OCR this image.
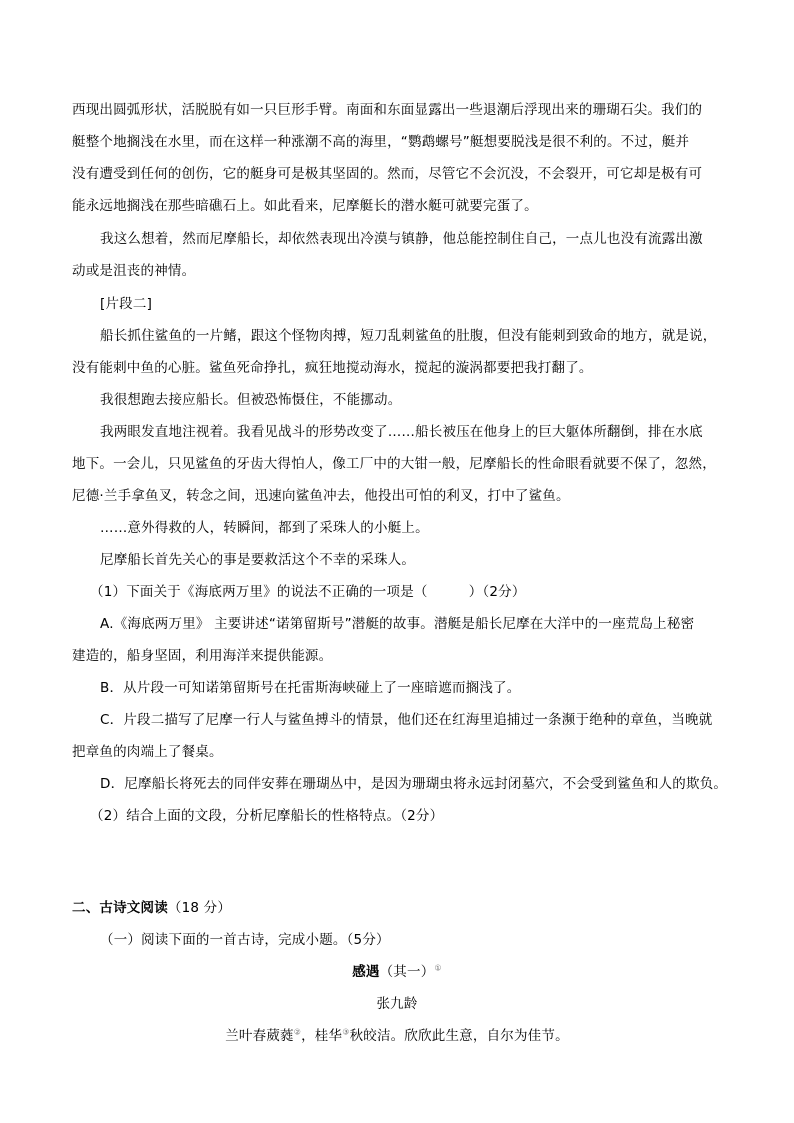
西现出圆弧形状，活脱脱有如一只巨形手臂。南面和东面显露出一些退潮后浮现出来的珊瑚石尖。我们的
艇整个地搁浅在水里，而在这样一种涨潮不高的海里，“鹦鹉螺号”艇想要脱浅是很不利的。不过，艇并
没有遭受到任何的创伤，它的艇身可是极其坚固的。然而，尽管它不会沉没，不会裂开，可它却是极有可
能永远地搁浅在那些暗礁石上。如此看来，尼摩艇长的潜水艇可就要完蛋了。
我这么想着，然而尼摩船长，却依然表现出冷漠与镇静，他总能控制住自己，一点儿也没有流露出激
动或是沮丧的神情。
[片段二]
船长抓住鲨鱼的一片鳍，跟这个怪物肉搏，短刀乱刺鲨鱼的肚腹，但没有能刺到致命的地方，就是说，
没有能刺中鱼的心脏。鲨鱼死命挣扎，疯狂地搅动海水，搅起的漩涡都要把我打翻了。
我很想跑去接应船长。但被恐怖慑住，不能挪动。
我两眼发直地注视着。我看见战斗的形势改变了……船长被压在他身上的巨大躯体所翻倒，排在水底
地下。一会儿，只见鲨鱼的牙齿大得怕人，像工厂中的大钳一般，尼摩船长的性命眼看就要不保了，忽然，
尼德·兰手拿鱼叉，转念之间，迅速向鲨鱼冲去，他投出可怕的利叉，打中了鲨鱼。
……意外得救的人，转瞬间，都到了采珠人的小艇上。
尼摩船长首先关心的事是要救活这个不幸的采珠人。
（1）下面关于《海底两万里》的说法不正确的一项是（　　　）（2分）
A.《海底两万里》 主要讲述“诺第留斯号”潜艇的故事。潜艇是船长尼摩在大洋中的一座荒岛上秘密
建造的，船身坚固，利用海洋来提供能源。
B．从片段一可知诺第留斯号在托雷斯海峡碰上了一座暗遮而搁浅了。
C．片段二描写了尼摩一行人与鲨鱼搏斗的情景，他们还在红海里追捕过一条濒于绝种的章鱼，当晚就
把章鱼的肉端上了餐桌。
D．尼摩船长将死去的同伴安葬在珊瑚丛中，是因为珊瑚虫将永远封闭墓穴，不会受到鲨鱼和人的欺负。
（2）结合上面的文段，分析尼摩船长的性格特点。（2分）
二、古诗文阅读（18 分）
（一）阅读下面的一首古诗，完成小题。（5分）
感遇（其一）①
张九龄
兰叶春葳蕤②，桂华③秋皎洁。欣欣此生意，自尔为佳节。
